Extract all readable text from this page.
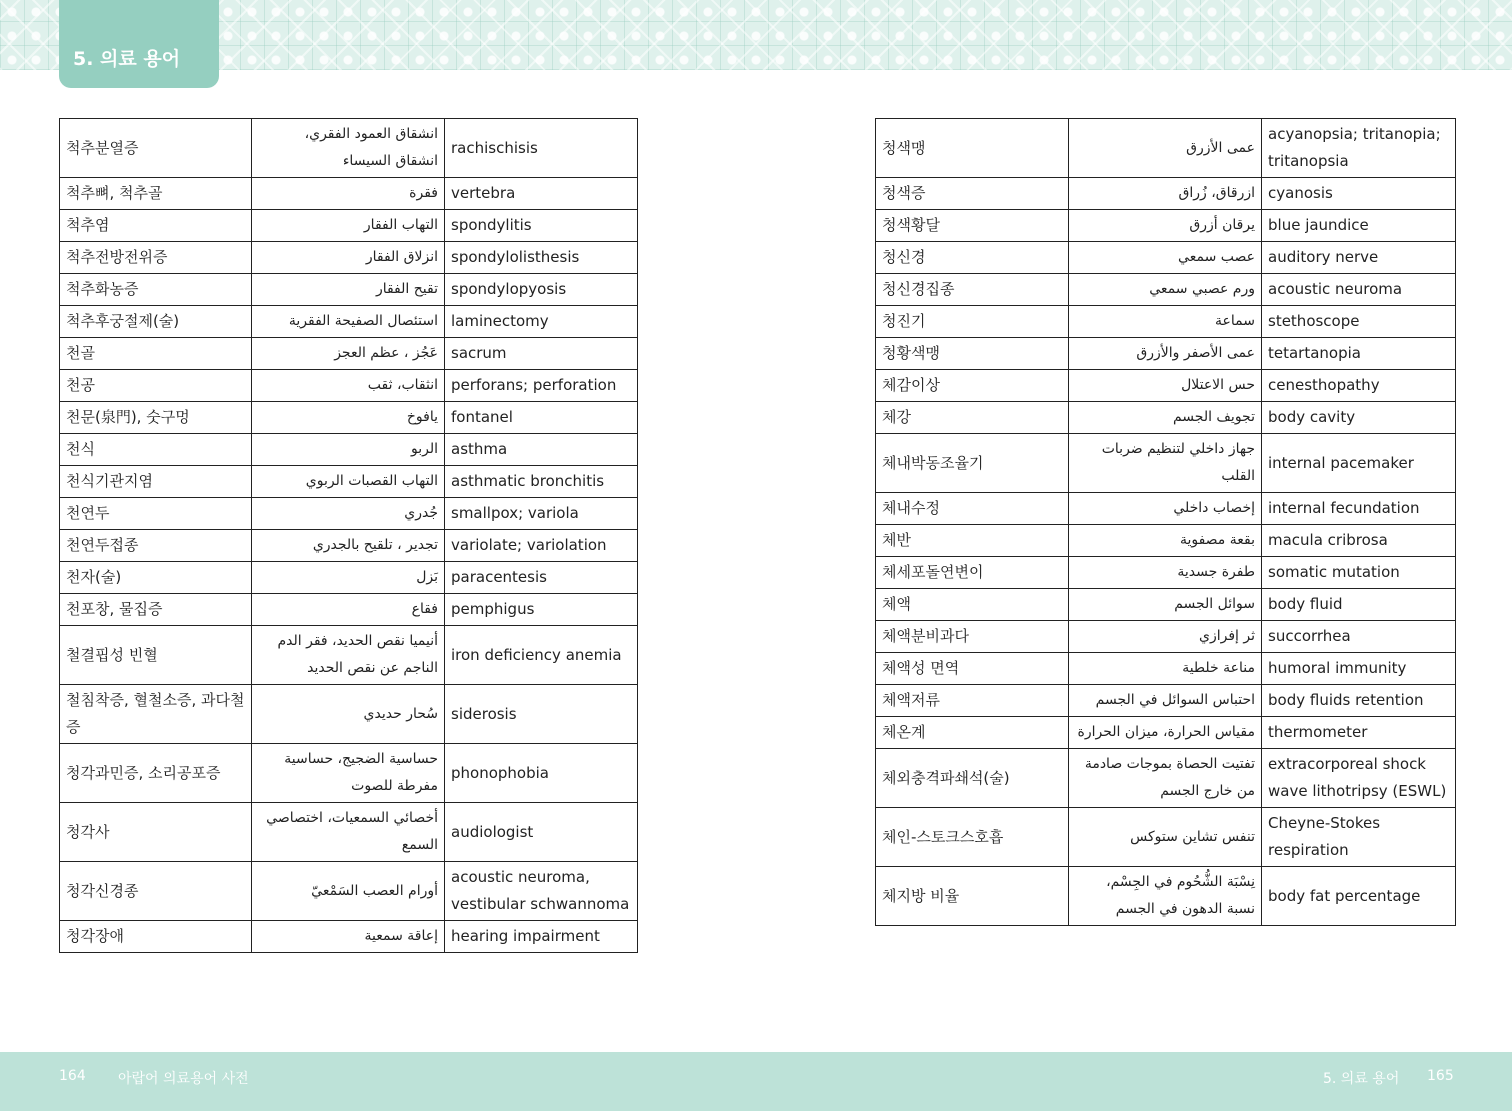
5. 의료 용어
척추분열증	انشقاق العمود الفقري، انشقاق السيساء	rachischisis
척추뼈, 척추골	فقرة	vertebra
척추염	التهاب الفقار	spondylitis
척추전방전위증	انزلاق الفقار	spondylolisthesis
척추화농증	تقيح الفقار	spondylopyosis
척추후궁절제(술)	استئصال الصفيحة الفقرية	laminectomy
천골	عَجُز ، عظم العجز	sacrum
천공	انثقاب، ثقب	perforans; perforation
천문(泉門), 숫구멍	يافوخ	fontanel
천식	الربو	asthma
천식기관지염	التهاب القصبات الربوي	asthmatic bronchitis
천연두	جُدري	smallpox; variola
천연두접종	تجدير ، تلقيح بالجدري	variolate; variolation
천자(술)	بَزل	paracentesis
천포창, 물집증	فقاع	pemphigus
철결핍성 빈혈	أنيميا نقص الحديد، فقر الدم الناجم عن نقص الحديد	iron deficiency anemia
철침착증, 혈철소증, 과다철증	سُحار حديدي	siderosis
청각과민증, 소리공포증	حساسية الضجيج، حساسية مفرطة للصوت	phonophobia
청각사	أخصائي السمعيات، اختصاصي السمع	audiologist
청각신경종	أورام العصب السَمْعيّ	acoustic neuroma, vestibular schwannoma
청각장애	إعاقة سمعية	hearing impairment
청색맹	عمى الأزرق	acyanopsia; tritanopia; tritanopsia
청색증	ازرقاق، زُراق	cyanosis
청색황달	يرقان أزرق	blue jaundice
청신경	عصب سمعي	auditory nerve
청신경집종	ورم عصبي سمعي	acoustic neuroma
청진기	سماعة	stethoscope
청황색맹	عمى الأصفر والأزرق	tetartanopia
체감이상	حس الاعتلال	cenesthopathy
체강	تجويف الجسم	body cavity
체내박동조율기	جهاز داخلي لتنظيم ضربات القلب	internal pacemaker
체내수정	إخصاب داخلي	internal fecundation
체반	بقعة مصفوية	macula cribrosa
체세포돌연변이	طفرة جسدية	somatic mutation
체액	سوائل الجسم	body fluid
체액분비과다	ثر إفرازي	succorrhea
체액성 면역	مناعة خلطية	humoral immunity
체액저류	احتباس السوائل في الجسم	body fluids retention
체온계	مقياس الحرارة، ميزان الحرارة	thermometer
체외충격파쇄석(술)	تفتيت الحصاة بموجات صادمة من خارج الجسم	extracorporeal shock wave lithotripsy (ESWL)
체인-스토크스호흡	تنفس تشاين ستوكس	Cheyne-Stokes respiration
체지방 비율	نِسْبَة الشُّحُوم في الجِسْم، نسبة الدهون في الجسم	body fat percentage
164 아랍어 의료용어 사전	5. 의료 용어 165
